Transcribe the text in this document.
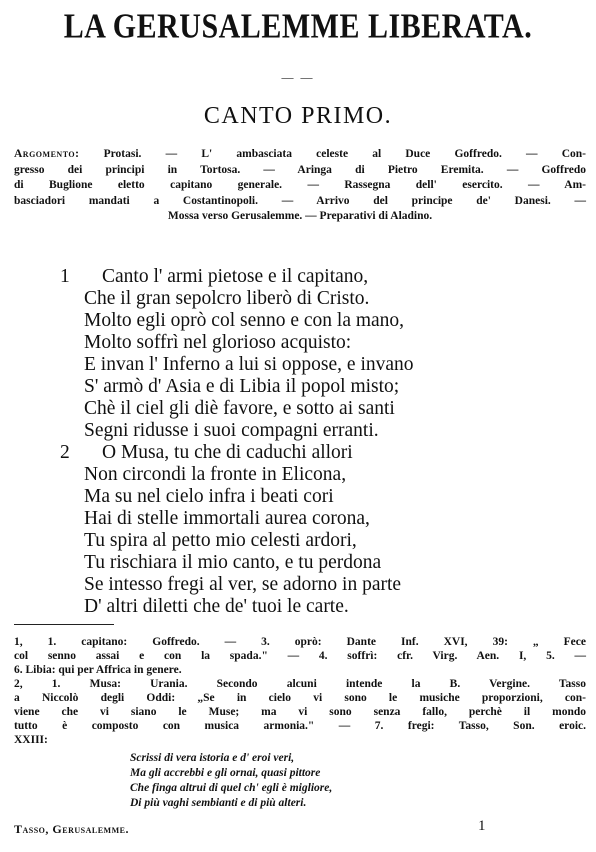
LA GERUSALEMME LIBERATA.
— —
CANTO PRIMO.
Argomento: Protasi. — L' ambasciata celeste al Duce Goffredo. — Con-
gresso dei principi in Tortosa. — Aringa di Pietro Eremita. — Goffredo
di Buglione eletto capitano generale. — Rassegna dell' esercito. — Am-
basciadori mandati a Costantinopoli. — Arrivo del principe de' Danesi. —
Mossa verso Gerusalemme. — Preparativi di Aladino.
1	Canto l' armi pietose e il capitano,
Che il gran sepolcro liberò di Cristo.
Molto egli oprò col senno e con la mano,
Molto soffrì nel glorioso acquisto:
E invan l' Inferno a lui si oppose, e invano
S' armò d' Asia e di Libia il popol misto;
Chè il ciel gli diè favore, e sotto ai santi
Segni ridusse i suoi compagni erranti.
2	O Musa, tu che di caduchi allori
Non circondi la fronte in Elicona,
Ma su nel cielo infra i beati cori
Hai di stelle immortali aurea corona,
Tu spira al petto mio celesti ardori,
Tu rischiara il mio canto, e tu perdona
Se intesso fregi al ver, se adorno in parte
D' altri diletti che de' tuoi le carte.
1, 1. capitano: Goffredo. — 3. oprò: Dante Inf. XVI, 39: „ Fece
col senno assai e con la spada." — 4. soffrì: cfr. Virg. Aen. I, 5. —
6. Libia: qui per Affrica in genere.
2, 1. Musa: Urania. Secondo alcuni intende la B. Vergine. Tasso
a Niccolò degli Oddi: „Se in cielo vi sono le musiche proporzioni, con-
viene che vi siano le Muse; ma vi sono senza fallo, perchè il mondo
tutto è composto con musica armonia." — 7. fregi: Tasso, Son. eroic.
XXIII:
Scrissi di vera istoria e d' eroi veri,
Ma gli accrebbi e gli ornai, quasi pittore
Che finga altrui di quel ch' egli è migliore,
Di più vaghi sembianti e di più alteri.
Tasso, Gerusalemme.	1
